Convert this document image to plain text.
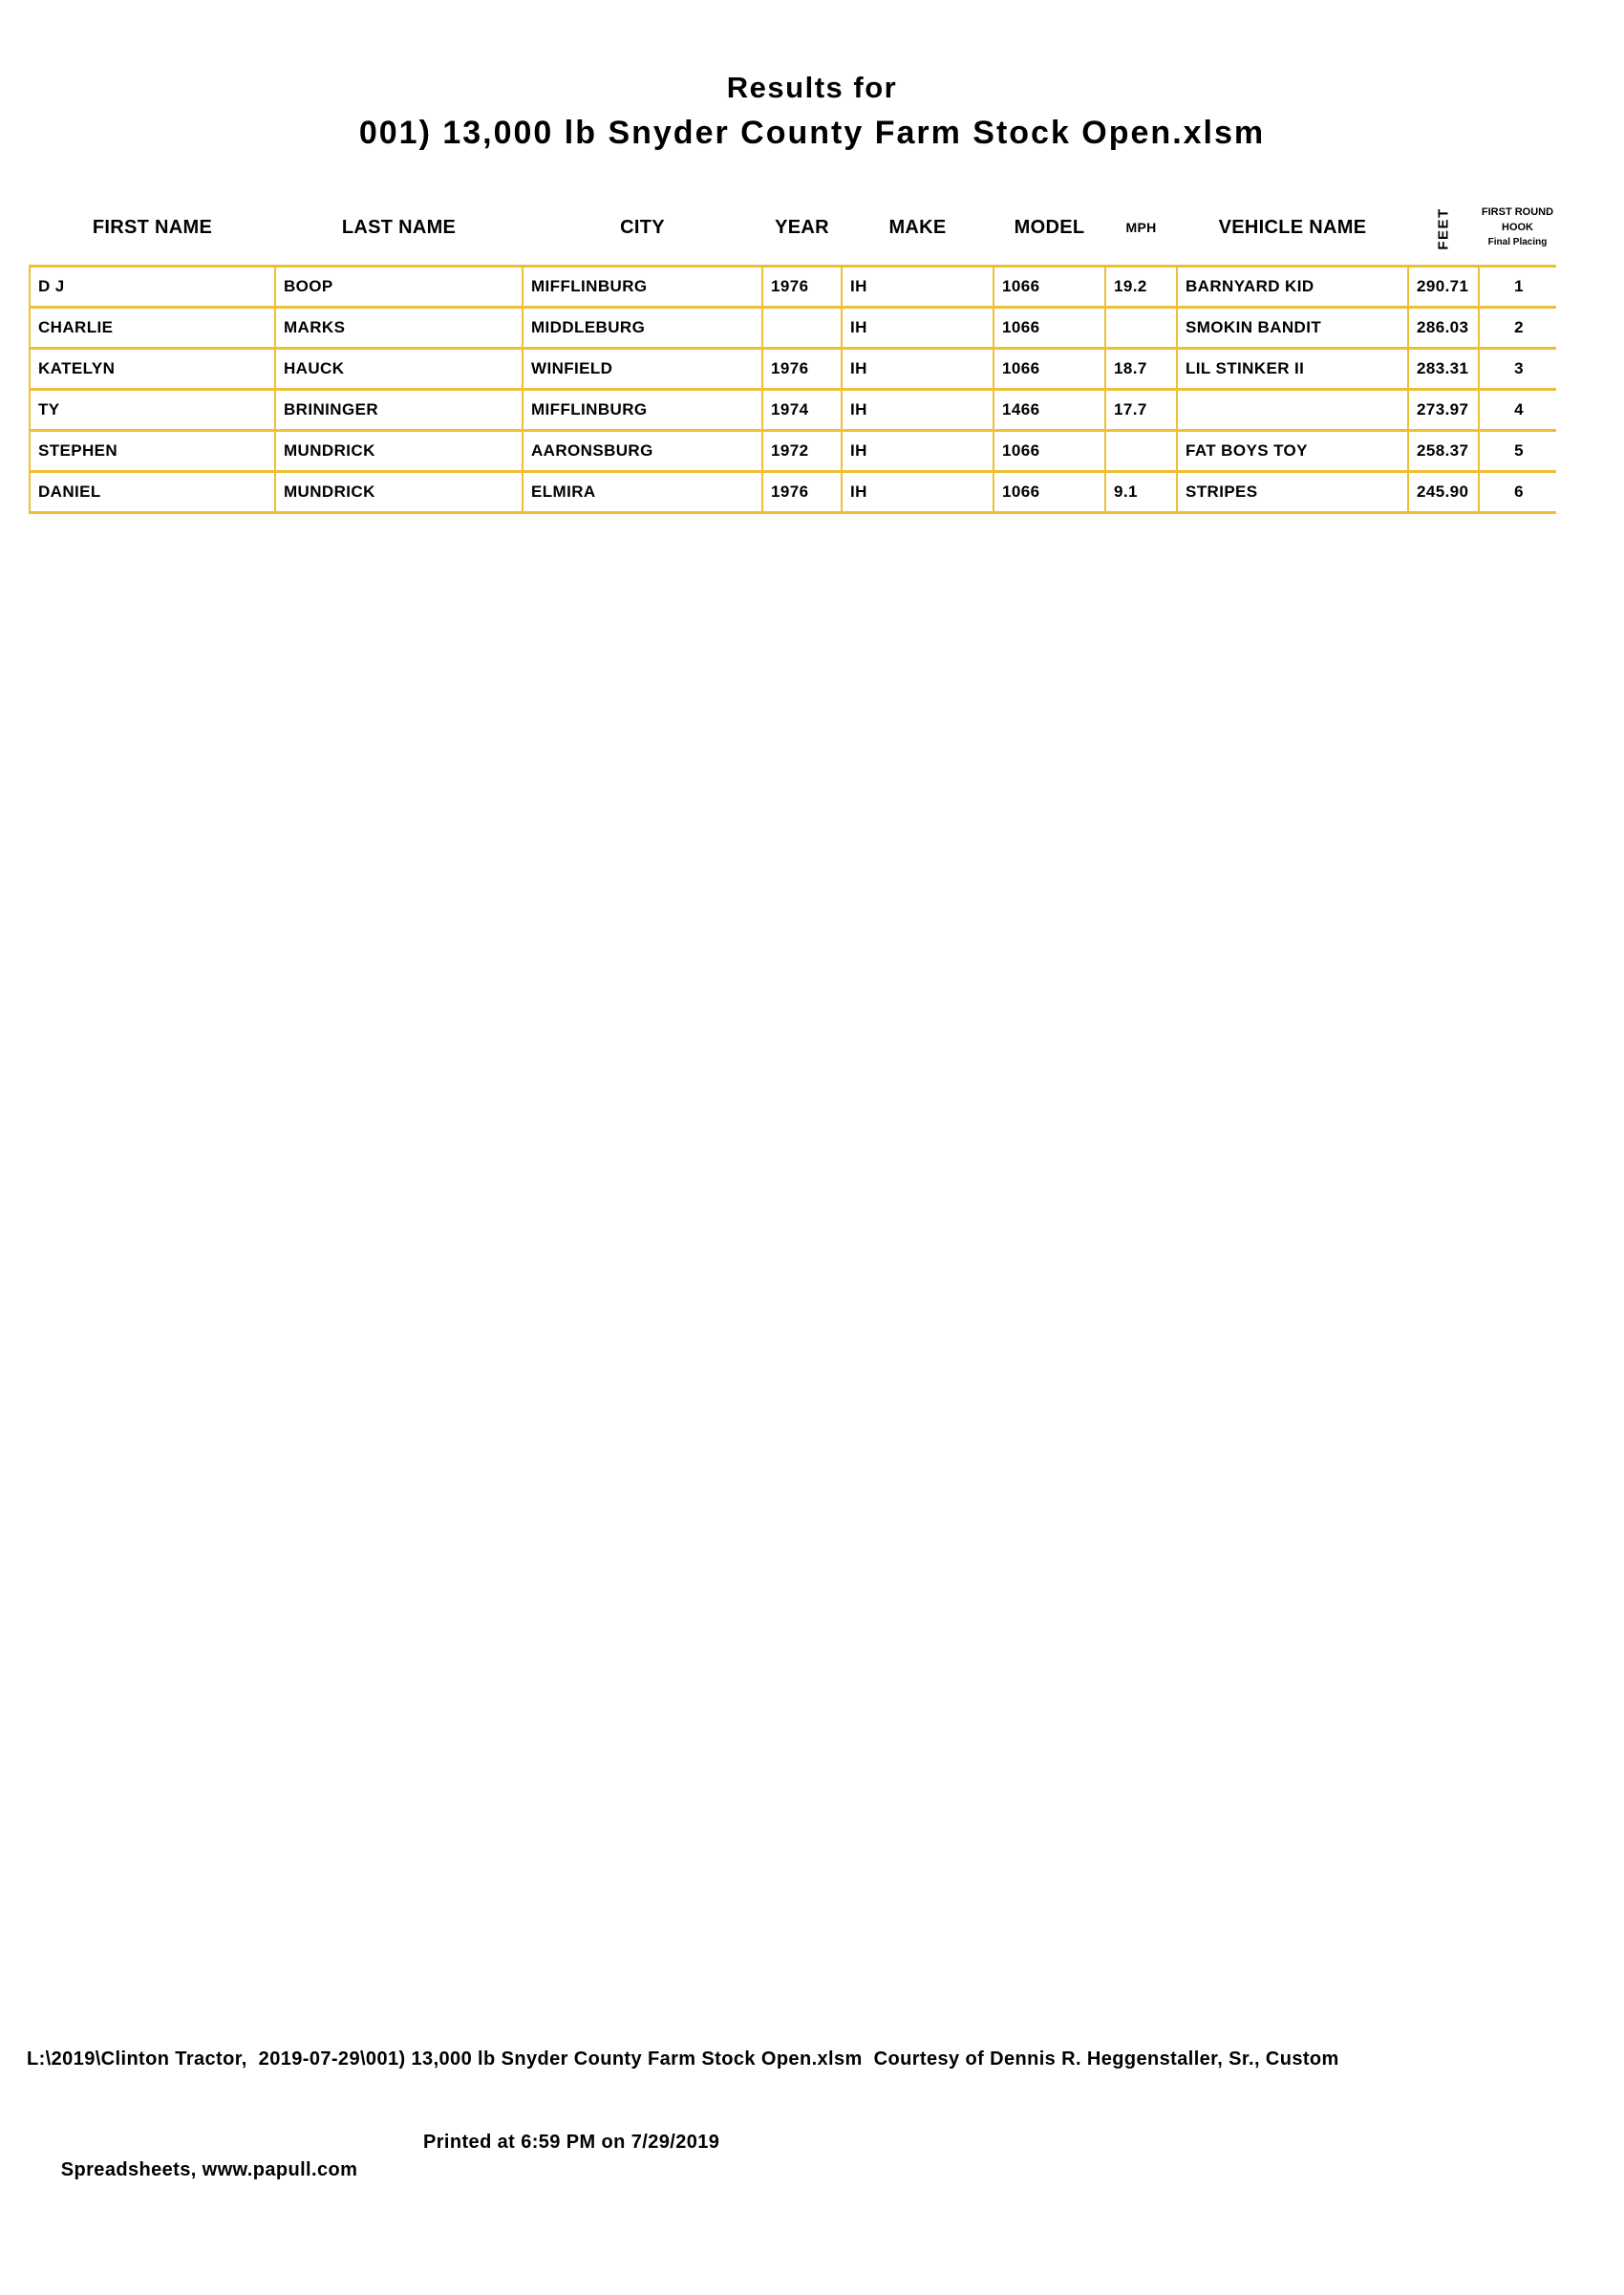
Results for
001) 13,000 lb Snyder County Farm Stock Open.xlsm
FIRST NAME	LAST NAME	CITY	YEAR	MAKE	MODEL	MPH	VEHICLE NAME	FEET	FIRST ROUND
HOOK
Final Placing

D J	BOOP	MIFFLINBURG	1976	IH	1066	19.2	BARNYARD KID	290.71	1
CHARLIE	MARKS	MIDDLEBURG		IH	1066		SMOKIN BANDIT	286.03	2
KATELYN	HAUCK	WINFIELD	1976	IH	1066	18.7	LIL STINKER II	283.31	3
TY	BRININGER	MIFFLINBURG	1974	IH	1466	17.7		273.97	4
STEPHEN	MUNDRICK	AARONSBURG	1972	IH	1066		FAT BOYS TOY	258.37	5
DANIEL	MUNDRICK	ELMIRA	1976	IH	1066	9.1	STRIPES	245.90	6

L:\2019\Clinton Tractor,  2019-07-29\001) 13,000 lb Snyder County Farm Stock Open.xlsm  Courtesy of Dennis R. Heggenstaller, Sr., Custom

Spreadsheets, www.papull.com

Printed at 6:59 PM on 7/29/2019
